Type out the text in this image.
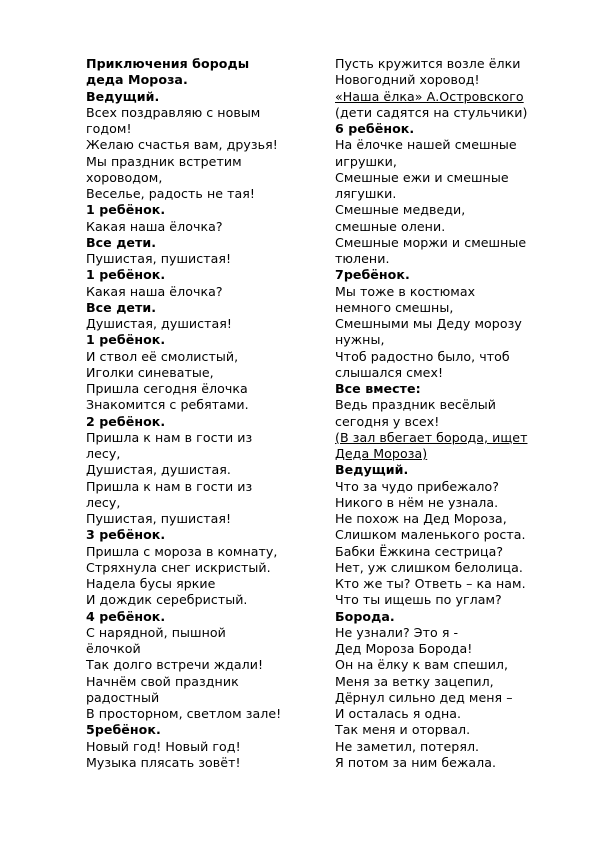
Приключения бороды
деда Мороза.
Ведущий.
Всех поздравляю с новым
годом!
Желаю счастья вам, друзья!
Мы праздник встретим
хороводом,
Веселье, радость не тая!
1 ребёнок.
Какая наша ёлочка?
Все дети.
Пушистая, пушистая!
1 ребёнок.
Какая наша ёлочка?
Все дети.
Душистая, душистая!
1 ребёнок.
И ствол её смолистый,
Иголки синеватые,
Пришла сегодня ёлочка
Знакомится с ребятами.
2 ребёнок.
Пришла к нам в гости из
лесу,
Душистая, душистая.
Пришла к нам в гости из
лесу,
Пушистая, пушистая!
3 ребёнок.
Пришла с мороза в комнату,
Стряхнула снег искристый.
Надела бусы яркие
И дождик серебристый.
4 ребёнок.
С нарядной, пышной
ёлочкой
Так долго встречи ждали!
Начнём свой праздник
радостный
В просторном, светлом зале!
5ребёнок.
Новый год! Новый год!
Музыка плясать зовёт!
Пусть кружится возле ёлки
Новогодний хоровод!
«Наша ёлка» А.Островского
(дети садятся на стульчики)
6 ребёнок.
На ёлочке нашей смешные
игрушки,
Смешные ежи и смешные
лягушки.
Смешные медведи,
смешные олени.
Смешные моржи и смешные
тюлени.
7ребёнок.
Мы тоже в костюмах
немного смешны,
Смешными мы Деду морозу
нужны,
Чтоб радостно было, чтоб
слышался смех!
Все вместе:
Ведь праздник весёлый
сегодня у всех!
(В зал вбегает борода, ищет
Деда Мороза)
Ведущий.
Что за чудо прибежало?
Никого в нём не узнала.
Не похож на Дед Мороза,
Слишком маленького роста.
Бабки Ёжкина сестрица?
Нет, уж слишком белолица.
Кто же ты? Ответь – ка нам.
Что ты ищешь по углам?
Борода.
Не узнали? Это я -
Дед Мороза Борода!
Он на ёлку к вам спешил,
Меня за ветку зацепил,
Дёрнул сильно дед меня –
И осталась я одна.
Так меня и оторвал.
Не заметил, потерял.
Я потом за ним бежала.
